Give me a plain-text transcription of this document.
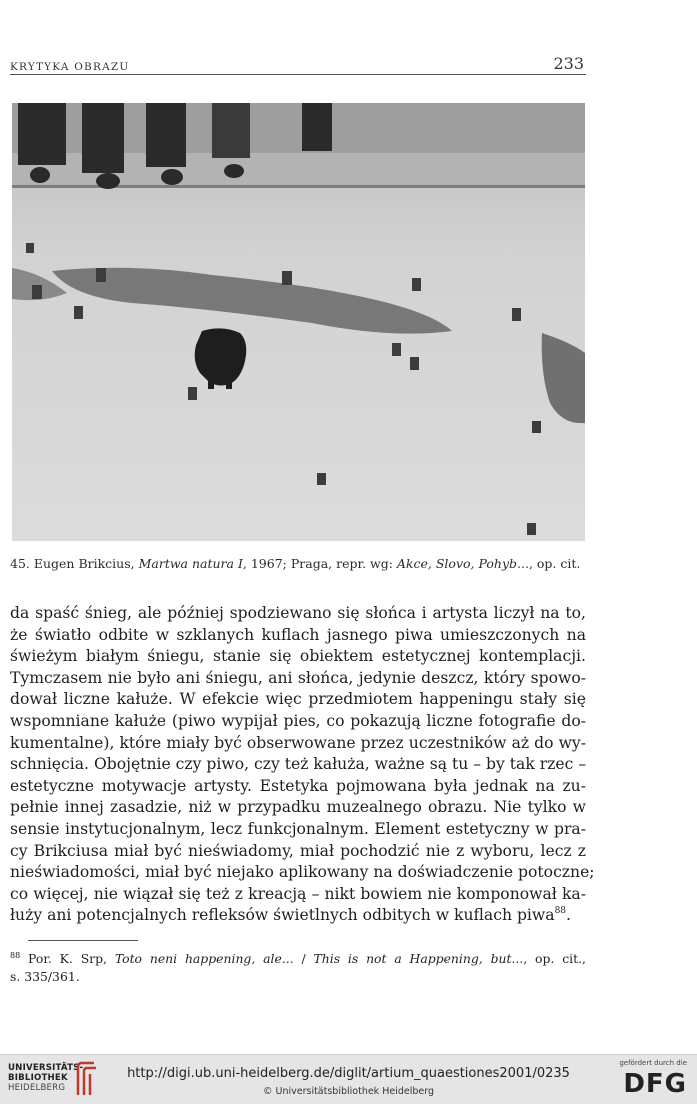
KRYTYKA OBRAZU	233
45. Eugen Brikcius, Martwa natura I, 1967; Praga, repr. wg: Akce, Slovo, Pohyb..., op. cit.
da spaść śnieg, ale później spodziewano się słońca i artysta liczył na to,
że światło odbite w szklanych kuflach jasnego piwa umieszczonych na
świeżym białym śniegu, stanie się obiektem estetycznej kontemplacji.
Tymczasem nie było ani śniegu, ani słońca, jedynie deszcz, który spowo-
dował liczne kałuże. W efekcie więc przedmiotem happeningu stały się
wspomniane kałuże (piwo wypijał pies, co pokazują liczne fotografie do-
kumentalne), które miały być obserwowane przez uczestników aż do wy-
schnięcia. Obojętnie czy piwo, czy też kałuża, ważne są tu – by tak rzec –
estetyczne motywacje artysty. Estetyka pojmowana była jednak na zu-
pełnie innej zasadzie, niż w przypadku muzealnego obrazu. Nie tylko w
sensie instytucjonalnym, lecz funkcjonalnym. Element estetyczny w pra-
cy Brikciusa miał być nieświadomy, miał pochodzić nie z wyboru, lecz z
nieświadomości, miał być niejako aplikowany na doświadczenie potoczne;
co więcej, nie wiązał się też z kreacją – nikt bowiem nie komponował ka-
łuży ani potencjalnych refleksów świetlnych odbitych w kuflach piwa$^{88}$.
$^{88}$ Por. K. Srp, Toto neni happening, ale... / This is not a Happening, but..., op. cit.,
s. 335/361.
UNIVERSITÄTS-
BIBLIOTHEK
HEIDELBERG
http://digi.ub.uni-heidelberg.de/diglit/artium_quaestiones2001/0235
© Universitätsbibliothek Heidelberg
gefördert durch die
DFG
